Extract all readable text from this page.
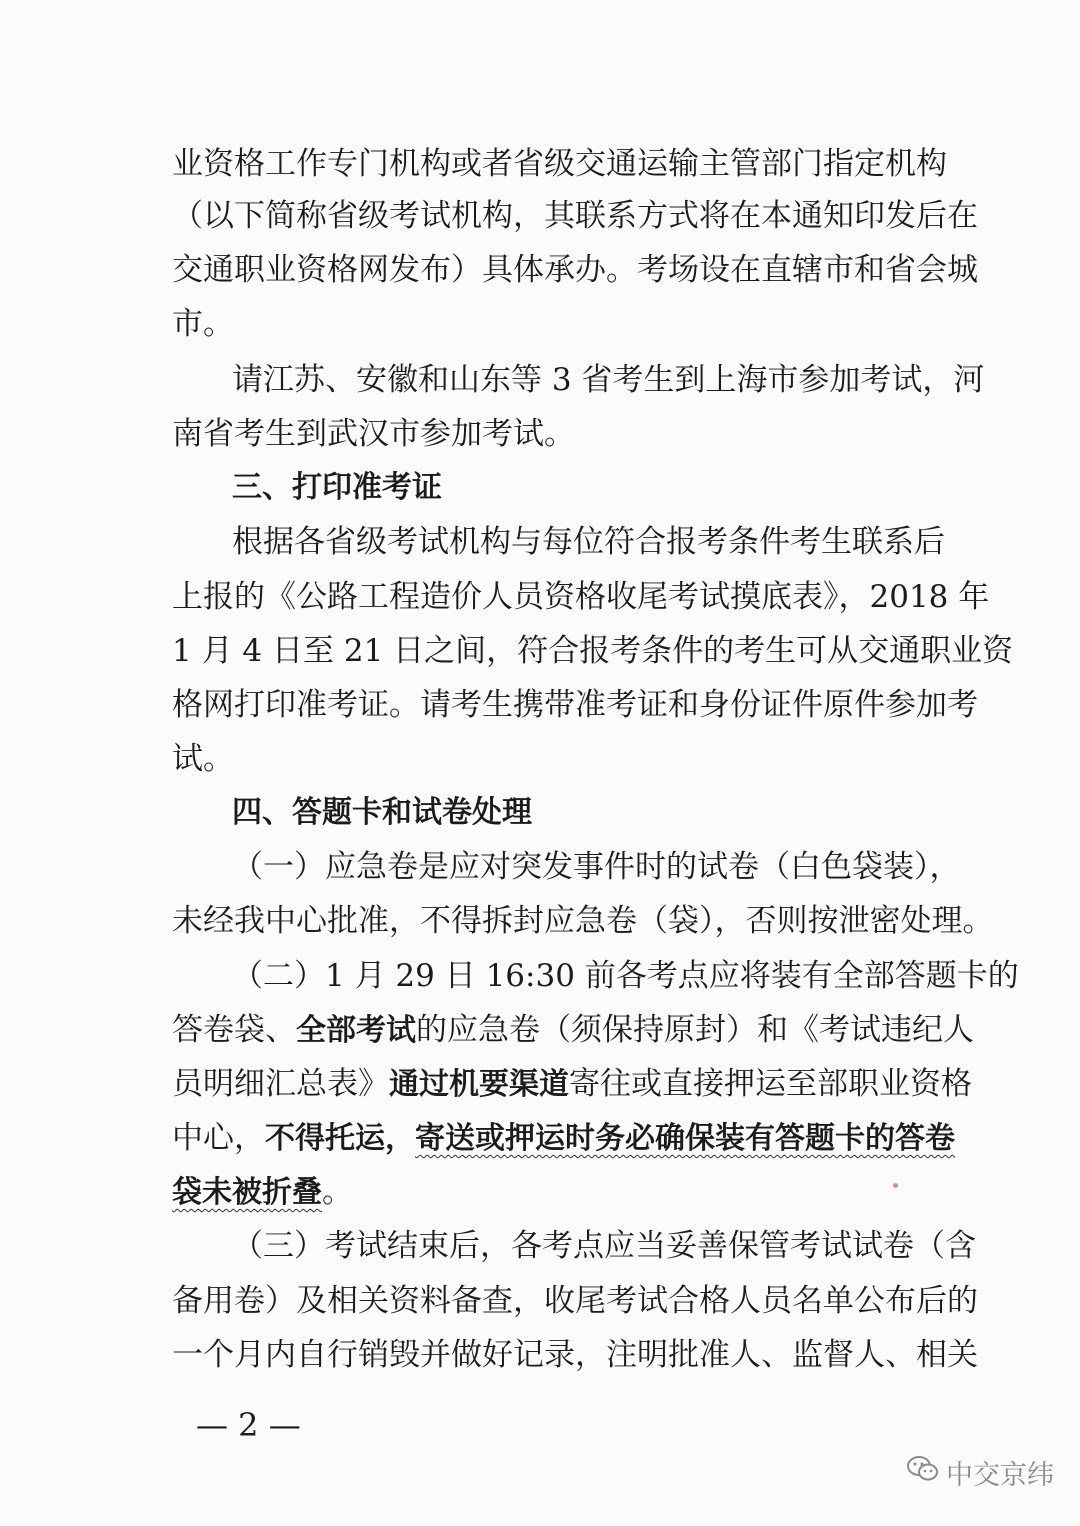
业资格工作专门机构或者省级交通运输主管部门指定机构
（以下简称省级考试机构，其联系方式将在本通知印发后在
交通职业资格网发布）具体承办。考场设在直辖市和省会城
市。
请江苏、安徽和山东等 3 省考生到上海市参加考试，河
南省考生到武汉市参加考试。
三、打印准考证
根据各省级考试机构与每位符合报考条件考生联系后
上报的《公路工程造价人员资格收尾考试摸底表》，2018 年
1 月 4 日至 21 日之间，符合报考条件的考生可从交通职业资
格网打印准考证。请考生携带准考证和身份证件原件参加考
试。
四、答题卡和试卷处理
（一）应急卷是应对突发事件时的试卷（白色袋装），
未经我中心批准，不得拆封应急卷（袋），否则按泄密处理。
（二）1 月 29 日 16:30 前各考点应将装有全部答题卡的
答卷袋、全部考试的应急卷（须保持原封）和《考试违纪人
员明细汇总表》通过机要渠道寄往或直接押运至部职业资格
中心，不得托运，寄送或押运时务必确保装有答题卡的答卷
袋未被折叠。
（三）考试结束后，各考点应当妥善保管考试试卷（含
备用卷）及相关资料备查，收尾考试合格人员名单公布后的
一个月内自行销毁并做好记录，注明批准人、监督人、相关
— 2 —
中交京纬
